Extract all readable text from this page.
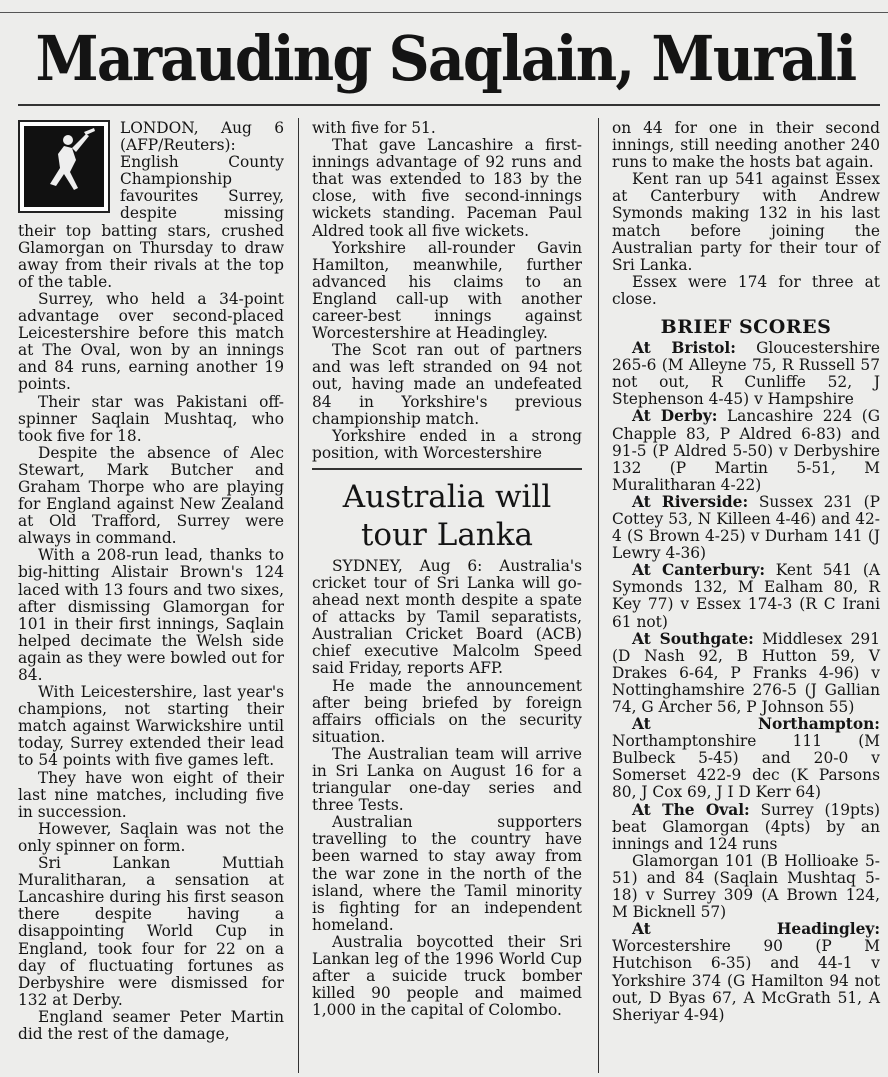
Marauding Saqlain, Murali

LONDON, Aug 6 (AFP/Reuters): English County Championship favourites Surrey, despite missing their top batting stars, crushed Glamorgan on Thursday to draw away from their rivals at the top of the table.

Surrey, who held a 34-point advantage over second-placed Leicestershire before this match at The Oval, won by an innings and 84 runs, earning another 19 points.

Their star was Pakistani off-spinner Saqlain Mushtaq, who took five for 18.

Despite the absence of Alec Stewart, Mark Butcher and Graham Thorpe who are playing for England against New Zealand at Old Trafford, Surrey were always in command.

With a 208-run lead, thanks to big-hitting Alistair Brown's 124 laced with 13 fours and two sixes, after dismissing Glamorgan for 101 in their first innings, Saqlain helped decimate the Welsh side again as they were bowled out for 84.

With Leicestershire, last year's champions, not starting their match against Warwickshire until today, Surrey extended their lead to 54 points with five games left.

They have won eight of their last nine matches, including five in succession.

However, Saqlain was not the only spinner on form.

Sri Lankan Muttiah Muralitharan, a sensation at Lancashire during his first season there despite having a disappointing World Cup in England, took four for 22 on a day of fluctuating fortunes as Derbyshire were dismissed for 132 at Derby.

England seamer Peter Martin did the rest of the damage,

with five for 51.

That gave Lancashire a first-innings advantage of 92 runs and that was extended to 183 by the close, with five second-innings wickets standing. Paceman Paul Aldred took all five wickets.

Yorkshire all-rounder Gavin Hamilton, meanwhile, further advanced his claims to an England call-up with another career-best innings against Worcestershire at Headingley.

The Scot ran out of partners and was left stranded on 94 not out, having made an undefeated 84 in Yorkshire's previous championship match.

Yorkshire ended in a strong position, with Worcestershire

Australia will tour Lanka

SYDNEY, Aug 6: Australia's cricket tour of Sri Lanka will go-ahead next month despite a spate of attacks by Tamil separatists, Australian Cricket Board (ACB) chief executive Malcolm Speed said Friday, reports AFP.

He made the announcement after being briefed by foreign affairs officials on the security situation.

The Australian team will arrive in Sri Lanka on August 16 for a triangular one-day series and three Tests.

Australian supporters travelling to the country have been warned to stay away from the war zone in the north of the island, where the Tamil minority is fighting for an independent homeland.

Australia boycotted their Sri Lankan leg of the 1996 World Cup after a suicide truck bomber killed 90 people and maimed 1,000 in the capital of Colombo.

on 44 for one in their second innings, still needing another 240 runs to make the hosts bat again.

Kent ran up 541 against Essex at Canterbury with Andrew Symonds making 132 in his last match before joining the Australian party for their tour of Sri Lanka.

Essex were 174 for three at close.

BRIEF SCORES

At Bristol: Gloucestershire 265-6 (M Alleyne 75, R Russell 57 not out, R Cunliffe 52, J Stephenson 4-45) v Hampshire

At Derby: Lancashire 224 (G Chapple 83, P Aldred 6-83) and 91-5 (P Aldred 5-50) v Derbyshire 132 (P Martin 5-51, M Muralitharan 4-22)

At Riverside: Sussex 231 (P Cottey 53, N Killeen 4-46) and 42-4 (S Brown 4-25) v Durham 141 (J Lewry 4-36)

At Canterbury: Kent 541 (A Symonds 132, M Ealham 80, R Key 77) v Essex 174-3 (R C Irani 61 not)

At Southgate: Middlesex 291 (D Nash 92, B Hutton 59, V Drakes 6-64, P Franks 4-96) v Nottinghamshire 276-5 (J Gallian 74, G Archer 56, P Johnson 55)

At Northampton: Northamptonshire 111 (M Bulbeck 5-45) and 20-0 v Somerset 422-9 dec (K Parsons 80, J Cox 69, J I D Kerr 64)

At The Oval: Surrey (19pts) beat Glamorgan (4pts) by an innings and 124 runs

Glamorgan 101 (B Hollioake 5-51) and 84 (Saqlain Mushtaq 5-18) v Surrey 309 (A Brown 124, M Bicknell 57)

At Headingley: Worcestershire 90 (P M Hutchison 6-35) and 44-1 v Yorkshire 374 (G Hamilton 94 not out, D Byas 67, A McGrath 51, A Sheriyar 4-94)
